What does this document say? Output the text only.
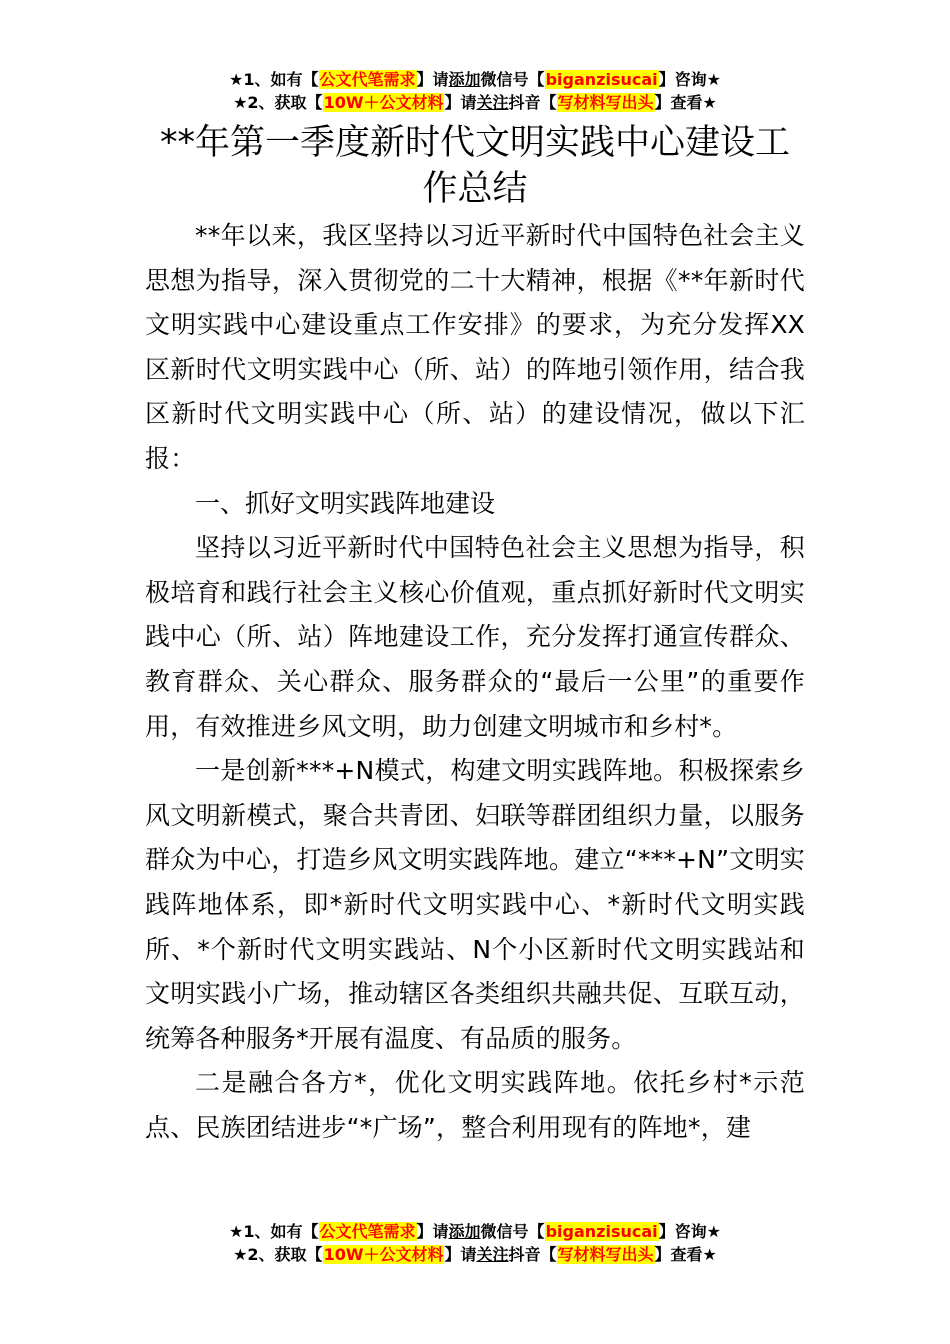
★1、如有【公文代笔需求】请添加微信号【biganzisucai】咨询★
★2、获取【10W＋公文材料】请关注抖音【写材料写出头】查看★
**年第一季度新时代文明实践中心建设工作总结

**年以来，我区坚持以习近平新时代中国特色社会主义思想为指导，深入贯彻党的二十大精神，根据《**年新时代文明实践中心建设重点工作安排》的要求，为充分发挥XX区新时代文明实践中心（所、站）的阵地引领作用，结合我区新时代文明实践中心（所、站）的建设情况，做以下汇报：

一、抓好文明实践阵地建设

坚持以习近平新时代中国特色社会主义思想为指导，积极培育和践行社会主义核心价值观，重点抓好新时代文明实践中心（所、站）阵地建设工作，充分发挥打通宣传群众、教育群众、关心群众、服务群众的“最后一公里”的重要作用，有效推进乡风文明，助力创建文明城市和乡村*。

一是创新***+N模式，构建文明实践阵地。积极探索乡风文明新模式，聚合共青团、妇联等群团组织力量，以服务群众为中心，打造乡风文明实践阵地。建立“***+N”文明实践阵地体系，即*新时代文明实践中心、*新时代文明实践所、*个新时代文明实践站、N个小区新时代文明实践站和文明实践小广场，推动辖区各类组织共融共促、互联互动，统筹各种服务*开展有温度、有品质的服务。

二是融合各方*，优化文明实践阵地。依托乡村*示范点、民族团结进步“*广场”，整合利用现有的阵地*，建

★1、如有【公文代笔需求】请添加微信号【biganzisucai】咨询★
★2、获取【10W＋公文材料】请关注抖音【写材料写出头】查看★
